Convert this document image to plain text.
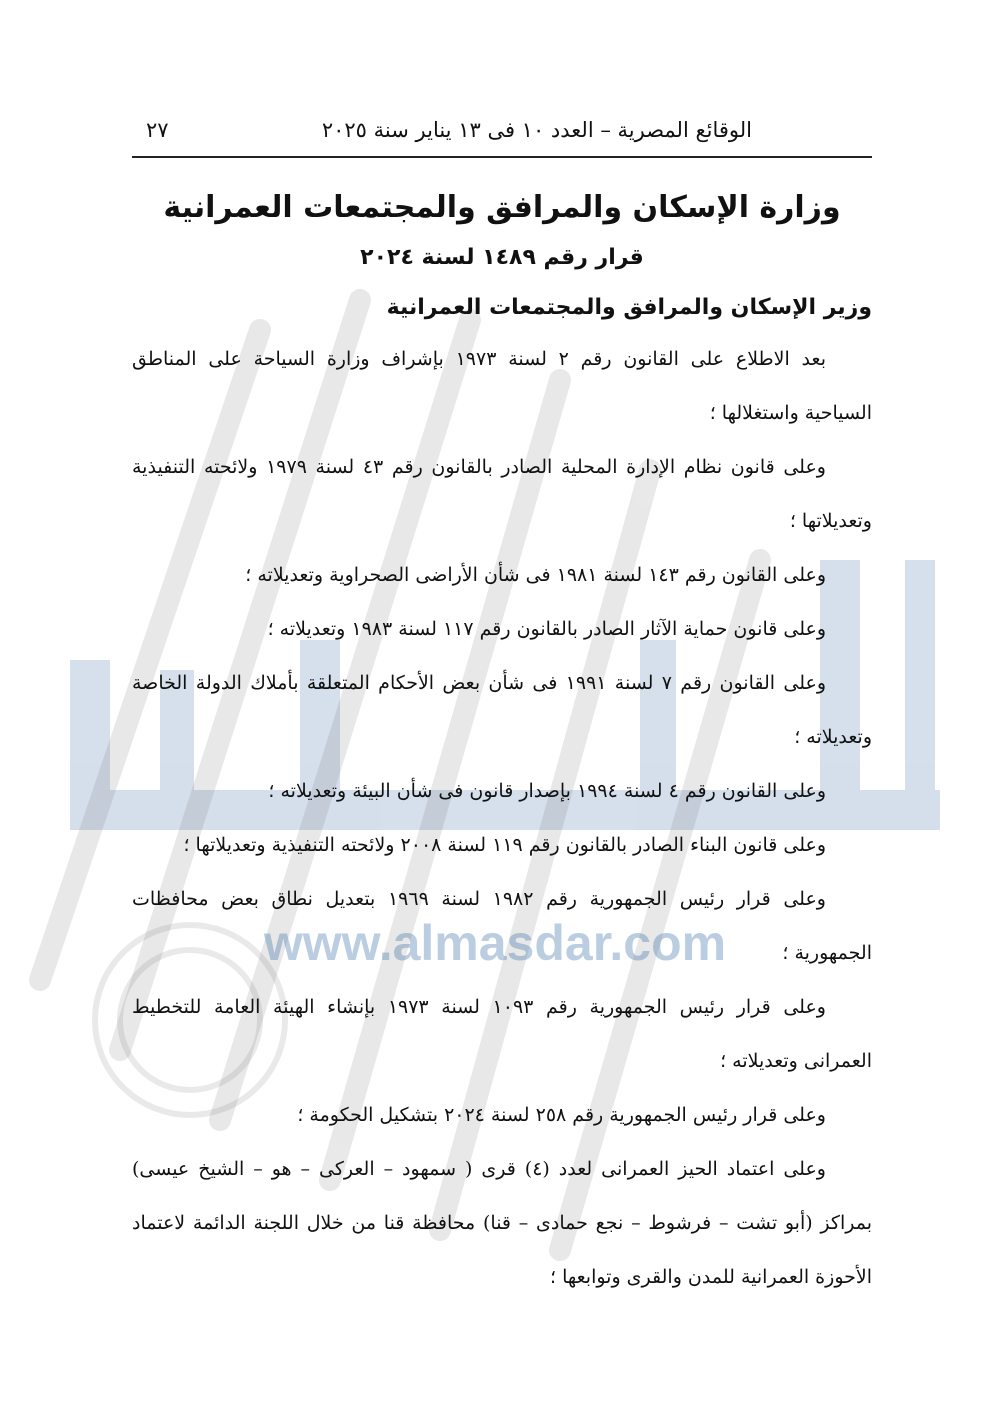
www.almasdar.com
الوقائع المصرية – العدد ١٠ فى ١٣ يناير سنة ٢٠٢٥
٢٧
وزارة الإسكان والمرافق والمجتمعات العمرانية
قرار رقم ١٤٨٩ لسنة ٢٠٢٤
وزير الإسكان والمرافق والمجتمعات العمرانية

بعد الاطلاع على القانون رقم ٢ لسنة ١٩٧٣ بإشراف وزارة السياحة على المناطق السياحية واستغلالها ؛

وعلى قانون نظام الإدارة المحلية الصادر بالقانون رقم ٤٣ لسنة ١٩٧٩ ولائحته التنفيذية وتعديلاتها ؛

وعلى القانون رقم ١٤٣ لسنة ١٩٨١ فى شأن الأراضى الصحراوية وتعديلاته ؛

وعلى قانون حماية الآثار الصادر بالقانون رقم ١١٧ لسنة ١٩٨٣ وتعديلاته ؛

وعلى القانون رقم ٧ لسنة ١٩٩١ فى شأن بعض الأحكام المتعلقة بأملاك الدولة الخاصة وتعديلاته ؛

وعلى القانون رقم ٤ لسنة ١٩٩٤ بإصدار قانون فى شأن البيئة وتعديلاته ؛

وعلى قانون البناء الصادر بالقانون رقم ١١٩ لسنة ٢٠٠٨ ولائحته التنفيذية وتعديلاتها ؛

وعلى قرار رئيس الجمهورية رقم ١٩٨٢ لسنة ١٩٦٩ بتعديل نطاق بعض محافظات الجمهورية ؛

وعلى قرار رئيس الجمهورية رقم ١٠٩٣ لسنة ١٩٧٣ بإنشاء الهيئة العامة للتخطيط العمرانى وتعديلاته ؛

وعلى قرار رئيس الجمهورية رقم ٢٥٨ لسنة ٢٠٢٤ بتشكيل الحكومة ؛

وعلى اعتماد الحيز العمرانى لعدد (٤) قرى ( سمهود – العركى – هو – الشيخ عيسى) بمراكز (أبو تشت – فرشوط – نجع حمادى – قنا) محافظة قنا من خلال اللجنة الدائمة لاعتماد الأحوزة العمرانية للمدن والقرى وتوابعها ؛
